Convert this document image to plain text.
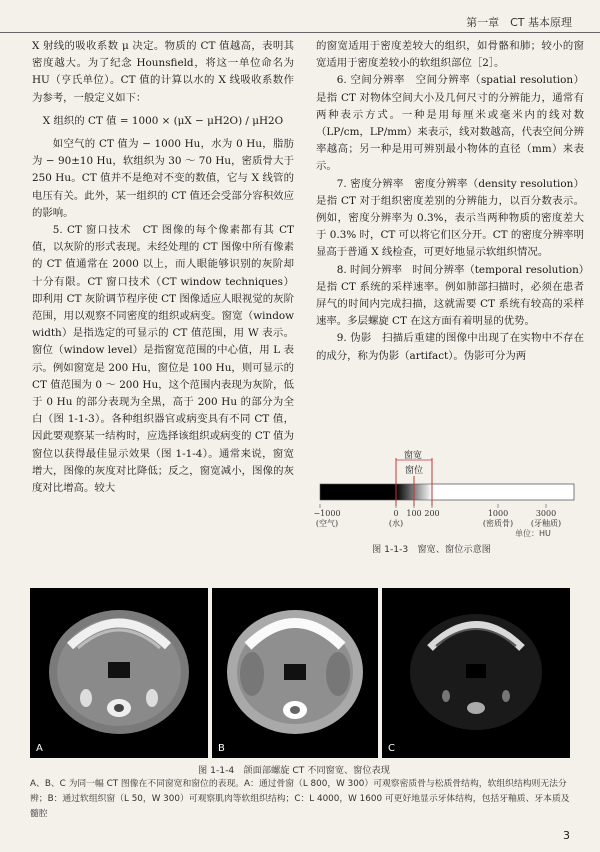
第一章　CT 基本原理

X 射线的吸收系数 μ 决定。物质的 CT 值越高，表明其密度越大。为了纪念 Hounsfield，将这一单位命名为 HU（亨氏单位）。CT 值的计算以水的 X 线吸收系数作为参考，一般定义如下：

X 组织的 CT 值 = 1000 × (μX − μH2O) / μH2O

如空气的 CT 值为 − 1000 Hu，水为 0 Hu，脂肪为 − 90±10 Hu，软组织为 30 ～ 70 Hu，密质骨大于 250 Hu。CT 值并不是绝对不变的数值，它与 X 线管的电压有关。此外，某一组织的 CT 值还会受部分容积效应的影响。

5. CT 窗口技术　CT 图像的每个像素都有其 CT 值，以灰阶的形式表现。未经处理的 CT 图像中所有像素的 CT 值通常在 2000 以上，而人眼能够识别的灰阶却十分有限。CT 窗口技术（CT window techniques）即利用 CT 灰阶调节程序使 CT 图像适应人眼视觉的灰阶范围，用以观察不同密度的组织或病变。窗宽（window width）是指选定的可显示的 CT 值范围，用 W 表示。窗位（window level）是指窗宽范围的中心值，用 L 表示。例如窗宽是 200 Hu，窗位是 100 Hu，则可显示的 CT 值范围为 0 ～ 200 Hu，这个范围内表现为灰阶，低于 0 Hu 的部分表现为全黑，高于 200 Hu 的部分为全白（图 1-1-3）。各种组织器官或病变具有不同 CT 值，因此要观察某一结构时，应选择该组织或病变的 CT 值为窗位以获得最佳显示效果（图 1-1-4）。通常来说，窗宽增大，图像的灰度对比降低；反之，窗宽减小，图像的灰度对比增高。较大

的窗宽适用于密度差较大的组织，如骨骼和肺；较小的窗宽适用于密度差较小的软组织部位［2］。

6. 空间分辨率　空间分辨率（spatial resolution）是指 CT 对物体空间大小及几何尺寸的分辨能力，通常有两种表示方式。一种是用每厘米或毫米内的线对数（LP/cm，LP/mm）来表示，线对数越高，代表空间分辨率越高；另一种是用可辨别最小物体的直径（mm）来表示。

7. 密度分辨率　密度分辨率（density resolution）是指 CT 对于组织密度差别的分辨能力，以百分数表示。例如，密度分辨率为 0.3%，表示当两种物质的密度差大于 0.3% 时，CT 可以将它们区分开。CT 的密度分辨率明显高于普通 X 线检查，可更好地显示软组织情况。

8. 时间分辨率　时间分辨率（temporal resolution）是指 CT 系统的采样速率。例如肺部扫描时，必须在患者屏气的时间内完成扫描，这就需要 CT 系统有较高的采样速率。多层螺旋 CT 在这方面有着明显的优势。

9. 伪影　扫描后重建的图像中出现了在实物中不存在的成分，称为伪影（artifact）。伪影可分为两

窗宽
窗位
−1000
(空气)
0
(水)
100 200	1000
(密质骨)
3000
(牙釉质)
单位：HU
图 1-1-3　窗宽、窗位示意图
A	B	C
图 1-1-4　颌面部螺旋 CT 不同窗宽、窗位表现
A、B、C 为同一幅 CT 图像在不同窗宽和窗位的表现。A：通过骨窗（L 800，W 300）可观察密质骨与松质骨结构，软组织结构则无法分辨；B：通过软组织窗（L 50，W 300）可观察肌肉等软组织结构；C：L 4000，W 1600 可更好地显示牙体结构，包括牙釉质、牙本质及髓腔
3
